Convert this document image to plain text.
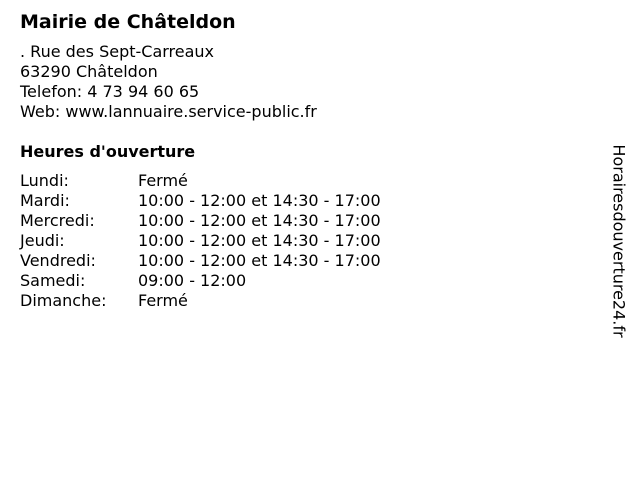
Mairie de Châteldon
. Rue des Sept-Carreaux
63290 Châteldon
Telefon: 4 73 94 60 65
Web: www.lannuaire.service-public.fr
Heures d'ouverture
Lundi:	Fermé
Mardi:	10:00 - 12:00 et 14:30 - 17:00
Mercredi:	10:00 - 12:00 et 14:30 - 17:00
Jeudi:	10:00 - 12:00 et 14:30 - 17:00
Vendredi:	10:00 - 12:00 et 14:30 - 17:00
Samedi:	09:00 - 12:00
Dimanche:	Fermé	Horairesdouverture24.fr
